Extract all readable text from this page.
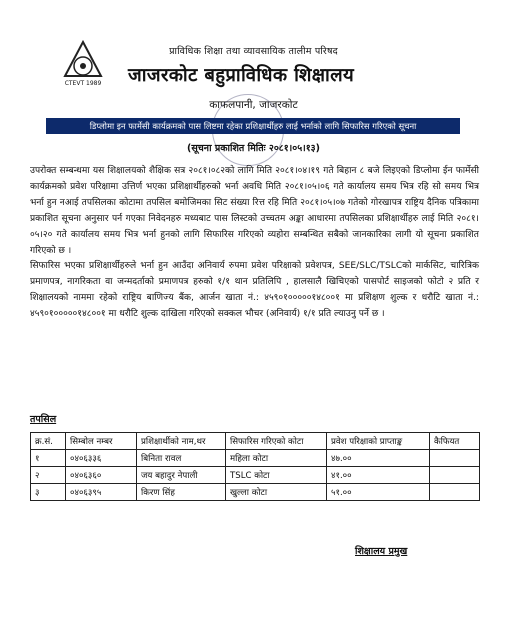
CTEVT 1989
प्राविधिक शिक्षा तथा व्यावसायिक तालीम परिषद
जाजरकोट बहुप्राविधिक शिक्षालय
काफलपानी, जाजरकोट
डिप्लोमा इन फार्मेसी कार्यक्रमको पास लिष्टमा रहेका प्रशिक्षार्थीहरु लाई भर्नाको लागि सिफारिस गरिएको सूचना
(सूचना प्रकाशित मितिः २०८१।०५।१३)
उपरोक्त सम्बन्धमा यस शिक्षालयको शैक्षिक सत्र २०८१।०८२को लागि मिति २०८१।०४।१९ गते बिहान ८ बजे लिइएको डिप्लोमा ईन फार्मेसी कार्यक्रमको प्रवेश परिक्षामा उत्तिर्ण भएका प्रशिक्षार्थीहरुको भर्ना अवधि मिति २०८१।०५।०६ गते कार्यालय समय भित्र रहि सो समय भित्र भर्ना हुन नआई तपसिलका कोटामा तपसिल बमोजिमका सिट संख्या रित्त रहि मिति २०८१।०५।०७ गतेको गोरखापत्र राष्ट्रिय दैनिक पत्रिकामा प्रकाशित सूचना अनुसार पर्न गएका निवेदनहरु मध्यबाट पास लिस्टको उच्चतम अङ्का आधारमा तपसिलका प्रशिक्षार्थीहरु लाई मिति २०८१।०५।२० गते कार्यालय समय भित्र भर्ना हुनको लागि सिफारिस गरिएको व्यहोरा सम्बन्धित सबैको जानकारिका लागी यो सूचना प्रकाशित गरिएको छ ।
सिफारिस भएका प्रशिक्षार्थीहरुले भर्ना हुन आउँदा अनिवार्य रुपमा प्रवेश परिक्षाको प्रवेशपत्र, SEE/SLC/TSLCको मार्कसिट, चारित्रिक प्रमाणपत्र, नागरिकता वा जन्मदर्ताको प्रमाणपत्र हरुको १/१ थान प्रतिलिपि , हालसालै खिचिएको पासपोर्ट साइजको फोटो २ प्रति र शिक्षालयको नाममा रहेको राष्ट्रिय बाणिज्य बैंक, आर्जन खाता नं.: ४५९०१०००००१४८००१ मा प्रशिक्षण शुल्क र धरौटि खाता नं.: ४५९०१०००००१४८००१ मा धरौटि शुल्क दाखिला गरिएको सक्कल भौचर (अनिवार्य) १/१ प्रति ल्याउनु पर्ने छ ।
तपसिल
क्र.सं.	सिम्बोल नम्बर	प्रशिक्षार्थीको नाम,थर	सिफारिस गरिएको कोटा	प्रवेश परिक्षाको प्राप्ताङ्क	कैफियत
१	०४०६३३६	बिनिता रावल	महिला कोटा	४७.००	
२	०४०६३६०	जय बहादुर नेपाली	TSLC कोटा	४१.००	
३	०४०६३९५	किरण सिंह	खुल्ला कोटा	५१.००	
शिक्षालय प्रमुख
